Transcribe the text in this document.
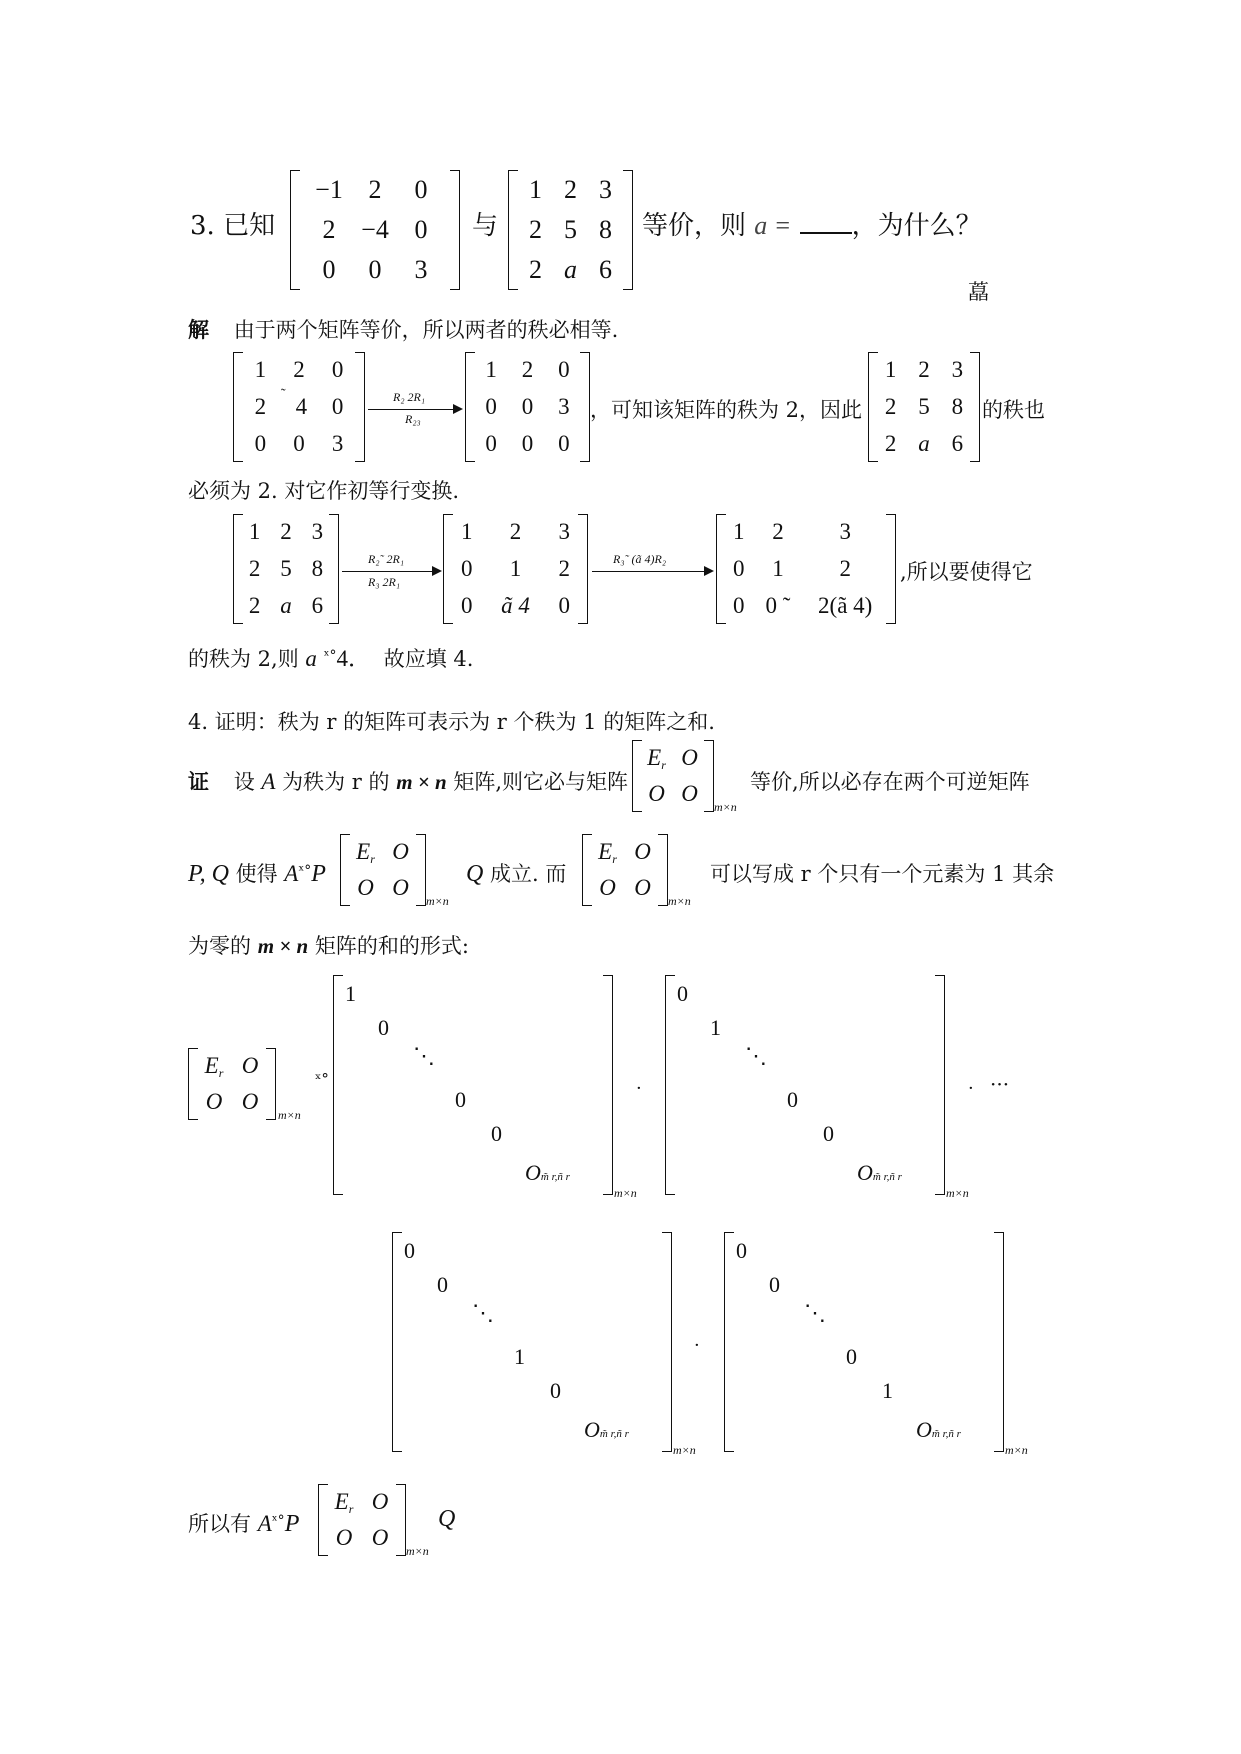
3. 已知
−1 2	0
2 −4 0
0	0	3
与
1 2 3
2 5 8
2 a 6
等价，则 a = ，为什么？
藠
解 由于两个矩阵等价，所以两者的秩必相等.
1	2	0
2	˜ 4	0
0	0	3
R₂ 2R₁
R₂₃
1	2	0
0	0	3
0	0	0
，可知该矩阵的秩为 2，因此
1 2 3
2 5 8
2 a 6
的秩也
必须为 2. 对它作初等行变换.
1 2 3
2 5 8
2 a 6
R₂˜ 2R₁
R₃ 2R₁
1	2	3
0	1	2
0	ã 4	0
R₃˜ (ã 4)R₂
1	2	3
0	1	2
0 0 ˜	2(ã 4)
,所以要使得它
的秩为 2,则 a $^{ˣ^\circ}$4． 故应填 4.
4. 证明：秩为 r 的矩阵可表示为 r 个秩为 1 的矩阵之和.
证 设 A 为秩为 r 的 m × n 矩阵,则它必与矩阵
E r O
O O
m×n
等价,所以必存在两个可逆矩阵
P, Q 使得 $A^{ˣ^\circ}P$
E r O
O O
m×n
Q 成立. 而
E r O
O O
m×n
可以写成 r 个只有一个元素为 1 其余
为零的 m × n 矩阵的和的形式:
E r O
O O
m×n
ˣ°
1
0
⋱
0
0
Om̃ r,ñ r
m×n
·
0
1
⋱
0
0
Om̃ r,ñ r
m×n
· ···
0
0
⋱
1
0
Om̃ r,ñ r
m×n
·
0
0
⋱
0
1
Om̃ r,ñ r
m×n
所以有 $A^{ˣ^\circ}P$
E r O
O O
m×n
Q
